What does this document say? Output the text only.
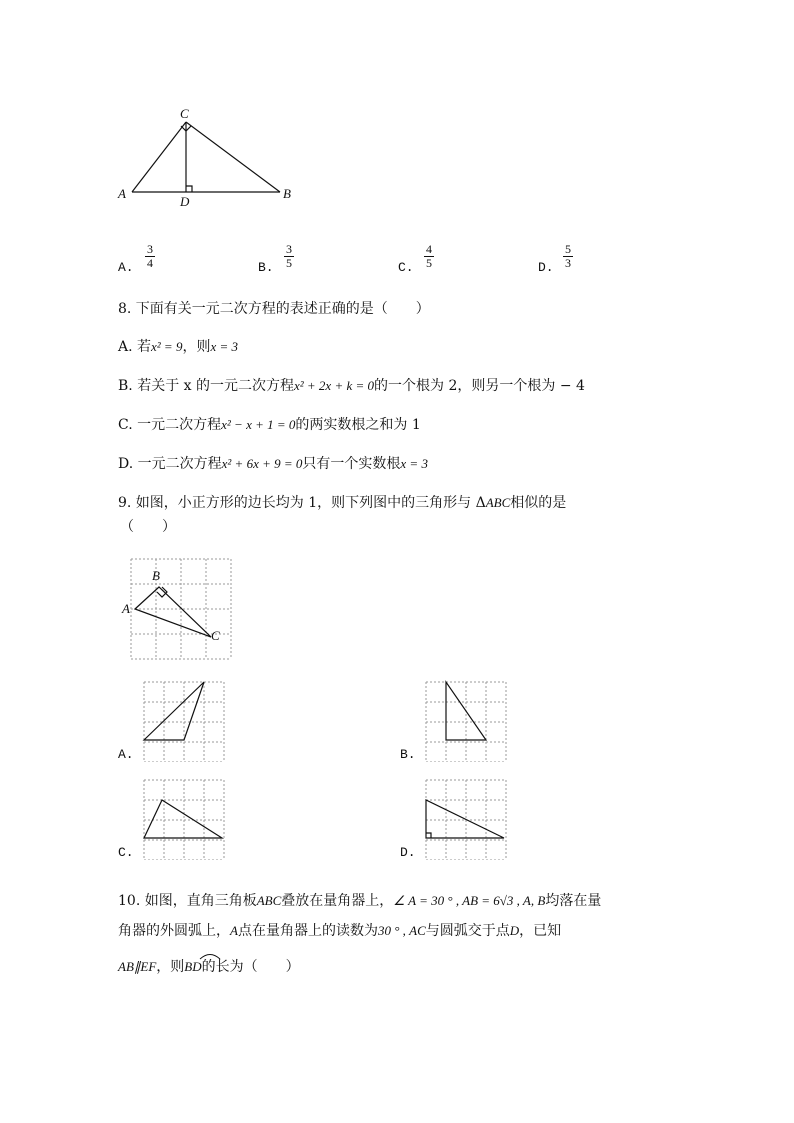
C
A	B
D
A. $\frac{3}{4}$	B. $\frac{3}{5}$	C. $\frac{4}{5}$	D. $\frac{5}{3}$
8. 下面有关一元二次方程的表述正确的是（　　）
A. 若x² = 9，则x = 3
B. 若关于 x 的一元二次方程x² + 2x + k = 0的一个根为 2，则另一个根为 − 4
C. 一元二次方程x² − x + 1 = 0的两实数根之和为 1
D. 一元二次方程x² + 6x + 9 = 0只有一个实数根x = 3
9. 如图，小正方形的边长均为 1，则下列图中的三角形与 ΔABC相似的是
（　　）
B
A
C
A.	B.
C.	D.
10. 如图，直角三角板ABC叠放在量角器上，∠ A = 30 ° , AB = 6√3 , A, B均落在量
角器的外圆弧上，A点在量角器上的读数为30 ° , AC与圆弧交于点D，已知
AB∥EF，则BD的长为（　　）
